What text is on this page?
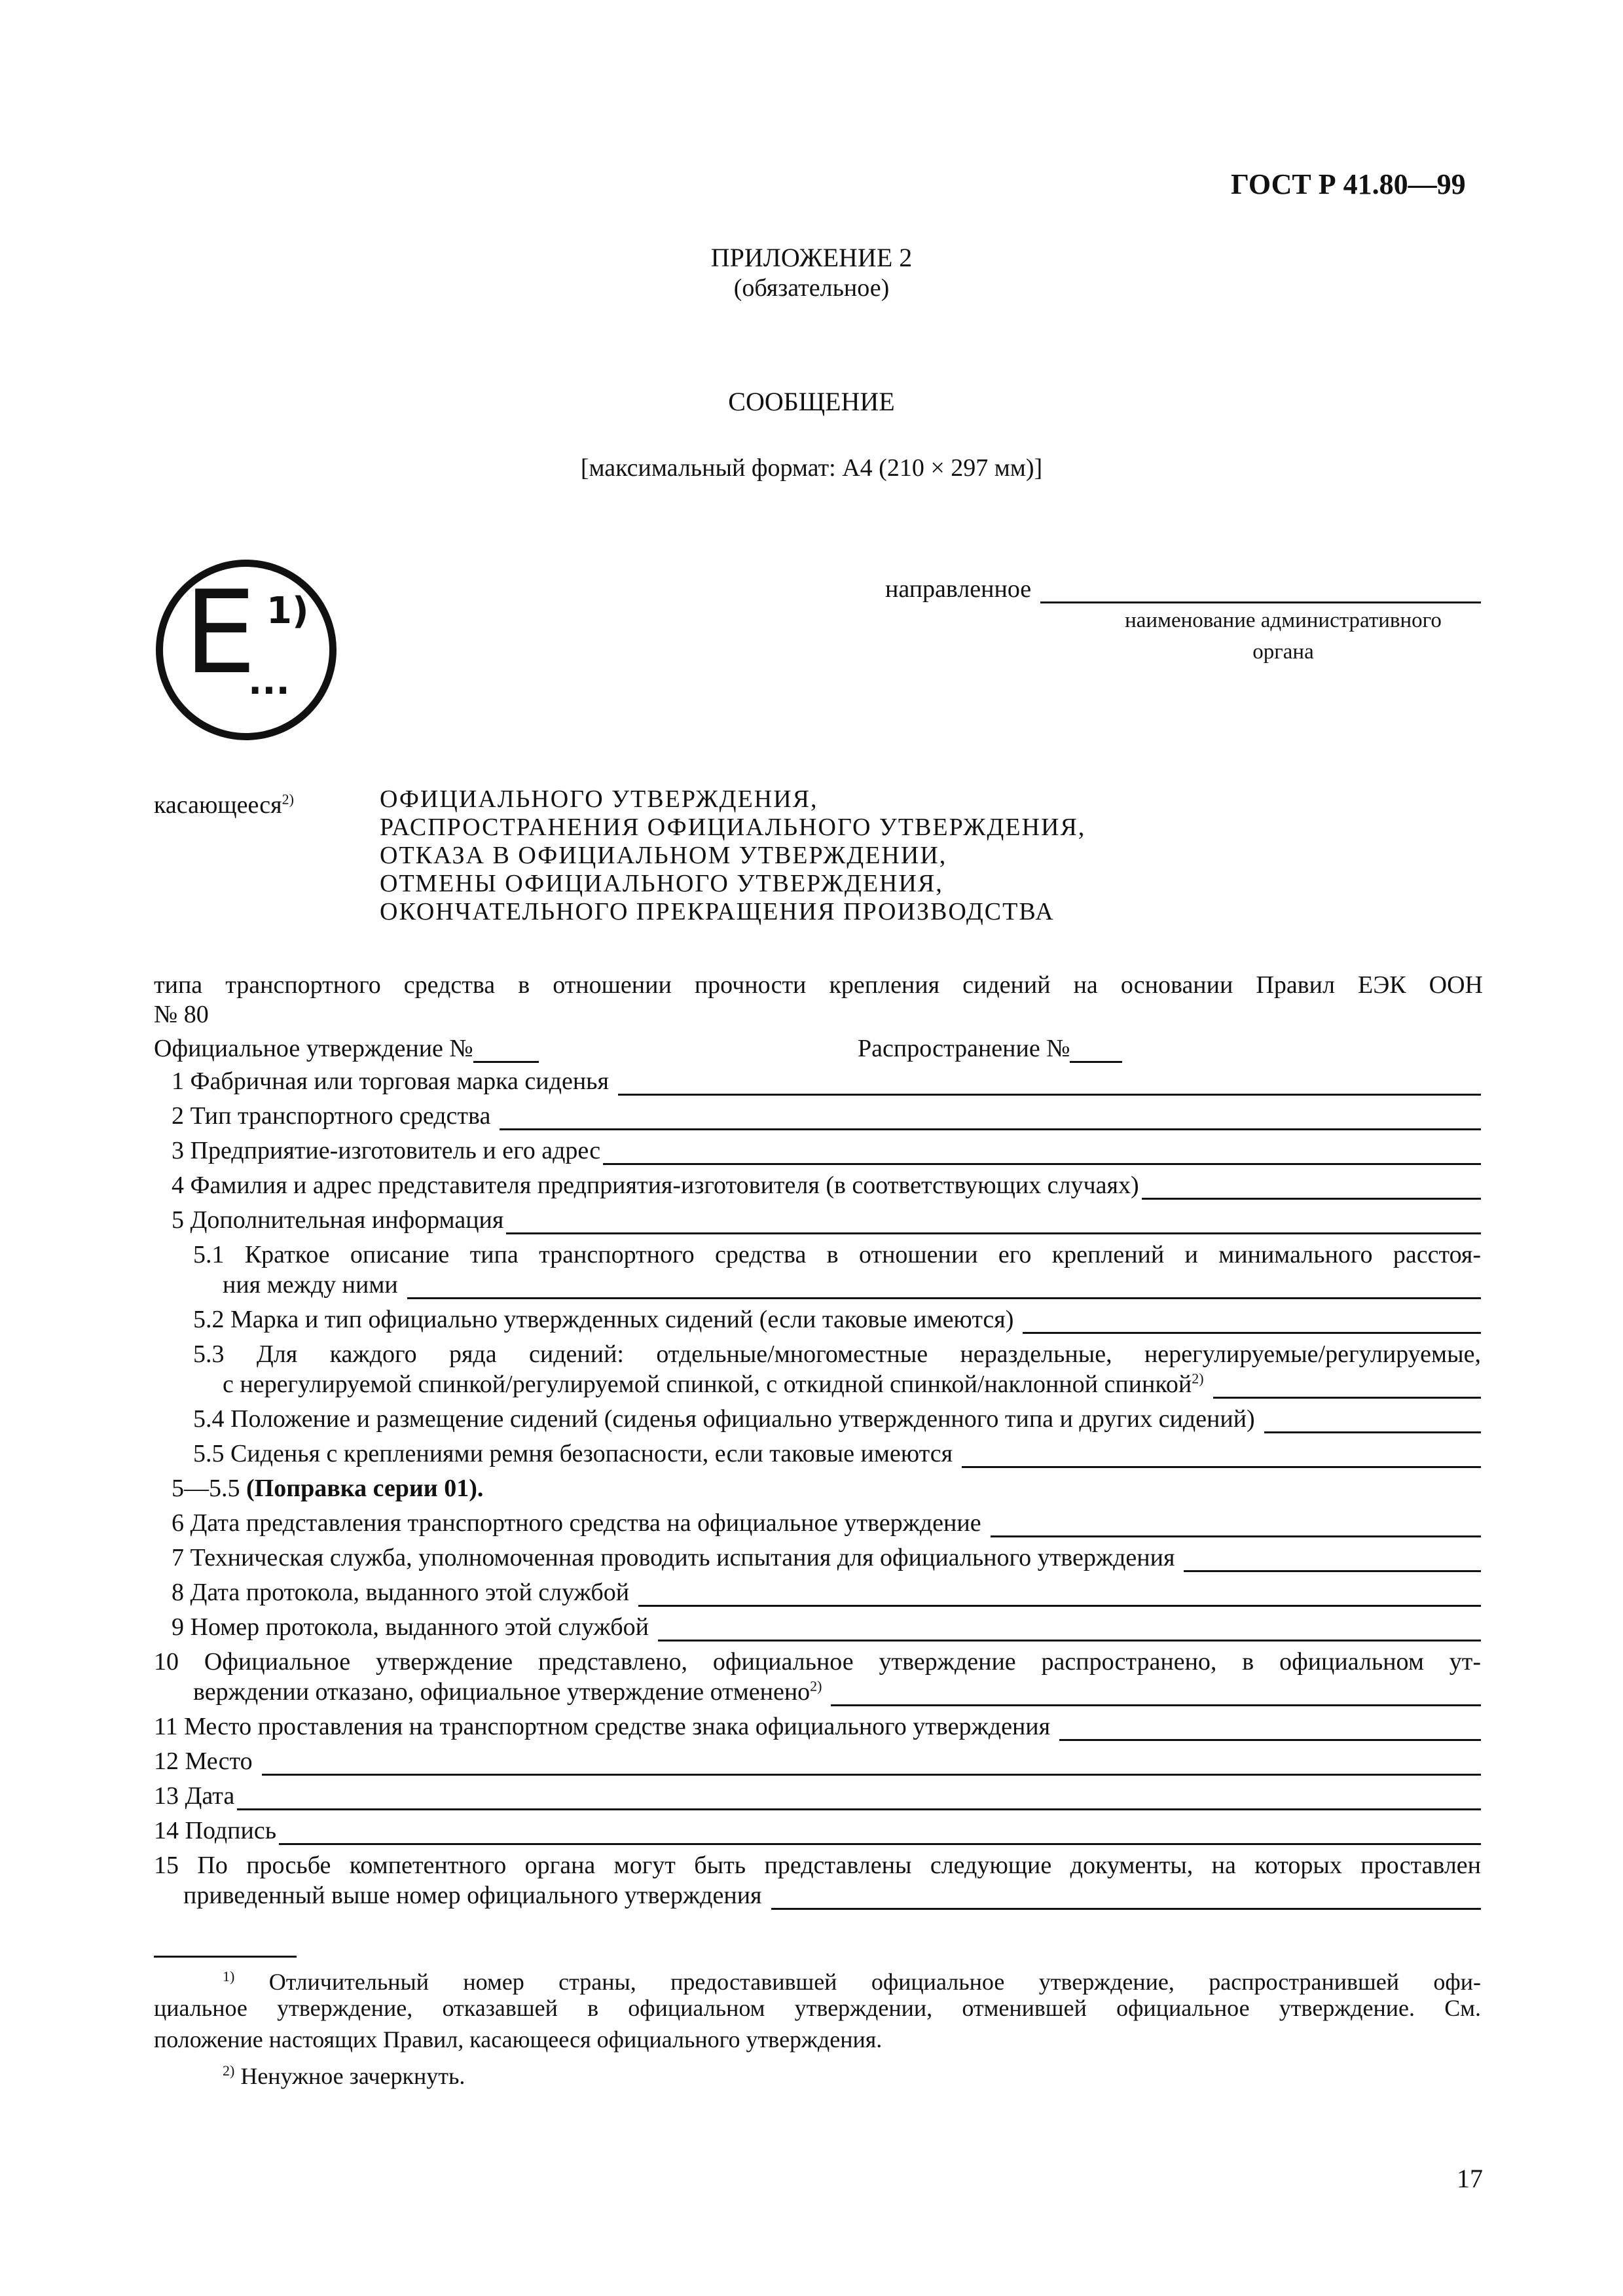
ГОСТ Р 41.80—99
ПРИЛОЖЕНИЕ 2
(обязательное)
СООБЩЕНИЕ
[максимальный формат: А4 (210 × 297 мм)]
E 1)
...
направленное
наименование административного
органа
касающееся$^{2)}$	ОФИЦИАЛЬНОГО УТВЕРЖДЕНИЯ,
РАСПРОСТРАНЕНИЯ ОФИЦИАЛЬНОГО УТВЕРЖДЕНИЯ,
ОТКАЗА В ОФИЦИАЛЬНОМ УТВЕРЖДЕНИИ,
ОТМЕНЫ ОФИЦИАЛЬНОГО УТВЕРЖДЕНИЯ,
ОКОНЧАТЕЛЬНОГО ПРЕКРАЩЕНИЯ ПРОИЗВОДСТВА
типа транспортного средства в отношении прочности крепления сидений на основании Правил ЕЭК ООН
№ 80
Официальное утверждение №	Распространение №
1 Фабричная или торговая марка сиденья
2 Тип транспортного средства
3 Предприятие-изготовитель и его адрес
4 Фамилия и адрес представителя предприятия-изготовителя (в соответствующих случаях)
5 Дополнительная информация
5.1 Краткое описание типа транспортного средства в отношении его креплений и минимального расстоя-
ния между ними
5.2 Марка и тип официально утвержденных сидений (если таковые имеются)
5.3 Для каждого ряда сидений: отдельные/многоместные нераздельные, нерегулируемые/регулируемые,
с нерегулируемой спинкой/регулируемой спинкой, с откидной спинкой/наклонной спинкой$^{2)}$
5.4 Положение и размещение сидений (сиденья официально утвержденного типа и других сидений)
5.5 Сиденья с креплениями ремня безопасности, если таковые имеются
5—5.5 (Поправка серии 01).
6 Дата представления транспортного средства на официальное утверждение
7 Техническая служба, уполномоченная проводить испытания для официального утверждения
8 Дата протокола, выданного этой службой
9 Номер протокола, выданного этой службой
10 Официальное утверждение представлено, официальное утверждение распространено, в официальном ут-
верждении отказано, официальное утверждение отменено$^{2)}$
11 Место проставления на транспортном средстве знака официального утверждения
12 Место
13 Дата
14 Подпись
15 По просьбе компетентного органа могут быть представлены следующие документы, на которых проставлен
приведенный выше номер официального утверждения
$^{1)}$ Отличительный номер страны, предоставившей официальное утверждение, распространившей офи-
циальное утверждение, отказавшей в официальном утверждении, отменившей официальное утверждение. См.
положение настоящих Правил, касающееся официального утверждения.
$^{2)}$ Ненужное зачеркнуть.
17
